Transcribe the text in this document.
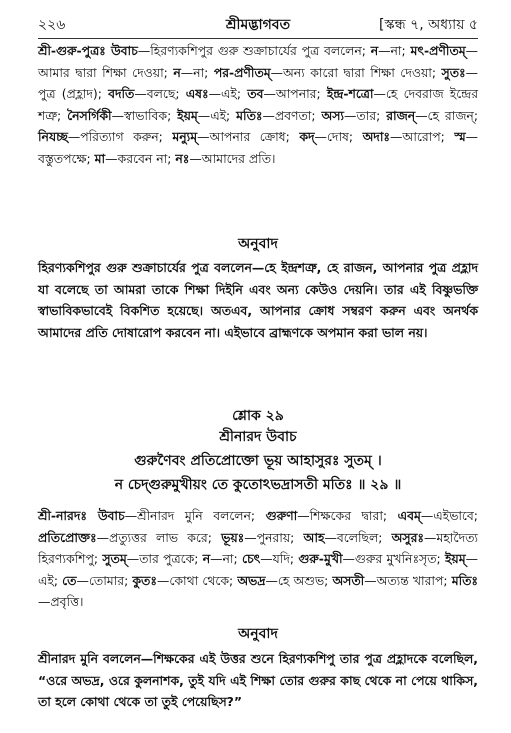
২২৬	শ্রীমদ্ভাগবত	[স্কন্ধ ৭, অধ্যায় ৫
শ্রী-গুরু-পুত্রঃ উবাচ—হিরণ্যকশিপুর গুরু শুক্রাচার্যের পুত্র বললেন; ন—না; মৎ-প্রণীতম্—আমার দ্বারা শিক্ষা দেওয়া; ন—না; পর-প্রণীতম্—অন্য কারো দ্বারা শিক্ষা দেওয়া; সুতঃ—পুত্র (প্রহ্লাদ); বদতি—বলছে; এষঃ—এই; তব—আপনার; ইন্দ্র-শত্রো—হে দেবরাজ ইন্দ্রের শত্রু; নৈসর্গিকী—স্বাভাবিক; ইয়ম্—এই; মতিঃ—প্রবণতা; অস্য—তার; রাজন্—হে রাজন্; নিযচ্ছ—পরিত্যাগ করুন; মন্যুম্—আপনার ক্রোধ; কদ্—দোষ; অদাঃ—আরোপ; স্ম—বস্তুতপক্ষে; মা—করবেন না; নঃ—আমাদের প্রতি।
অনুবাদ
হিরণ্যকশিপুর গুরু শুক্রাচার্যের পুত্র বললেন—হে ইন্দ্রশত্রু, হে রাজন, আপনার পুত্র প্রহ্লাদ যা বলেছে তা আমরা তাকে শিক্ষা দিইনি এবং অন্য কেউও দেয়নি। তার এই বিষ্ণুভক্তি স্বাভাবিকভাবেই বিকশিত হয়েছে। অতএব, আপনার ক্রোধ সম্বরণ করুন এবং অনর্থক আমাদের প্রতি দোষারোপ করবেন না। এইভাবে ব্রাহ্মণকে অপমান করা ভাল নয়।
শ্লোক ২৯
শ্রীনারদ উবাচ
গুরুণৈবং প্রতিপ্রোক্তো ভূয় আহাসুরঃ সুতম্ ।
ন চেদ্গুরুমুখীয়ং তে কুতোঽভদ্রাসতী মতিঃ ॥ ২৯ ॥
শ্রী-নারদঃ উবাচ—শ্রীনারদ মুনি বললেন; গুরুণা—শিক্ষকের দ্বারা; এবম্—এইভাবে; প্রতিপ্রোক্তঃ—প্রত্যুত্তর লাভ করে; ভূয়ঃ—পুনরায়; আহ—বলেছিল; অসুরঃ—মহাদৈত্য হিরণ্যকশিপু; সুতম্—তার পুত্রকে; ন—না; চেৎ—যদি; গুরু-মুখী—গুরুর মুখনিঃসৃত; ইয়ম্—এই; তে—তোমার; কুতঃ—কোথা থেকে; অভদ্র—হে অশুভ; অসতী—অত্যন্ত খারাপ; মতিঃ—প্রবৃত্তি।
অনুবাদ
শ্রীনারদ মুনি বললেন—শিক্ষকের এই উত্তর শুনে হিরণ্যকশিপু তার পুত্র প্রহ্লাদকে বলেছিল, “ওরে অভদ্র, ওরে কুলনাশক, তুই যদি এই শিক্ষা তোর গুরুর কাছ থেকে না পেয়ে থাকিস, তা হলে কোথা থেকে তা তুই পেয়েছিস?”
